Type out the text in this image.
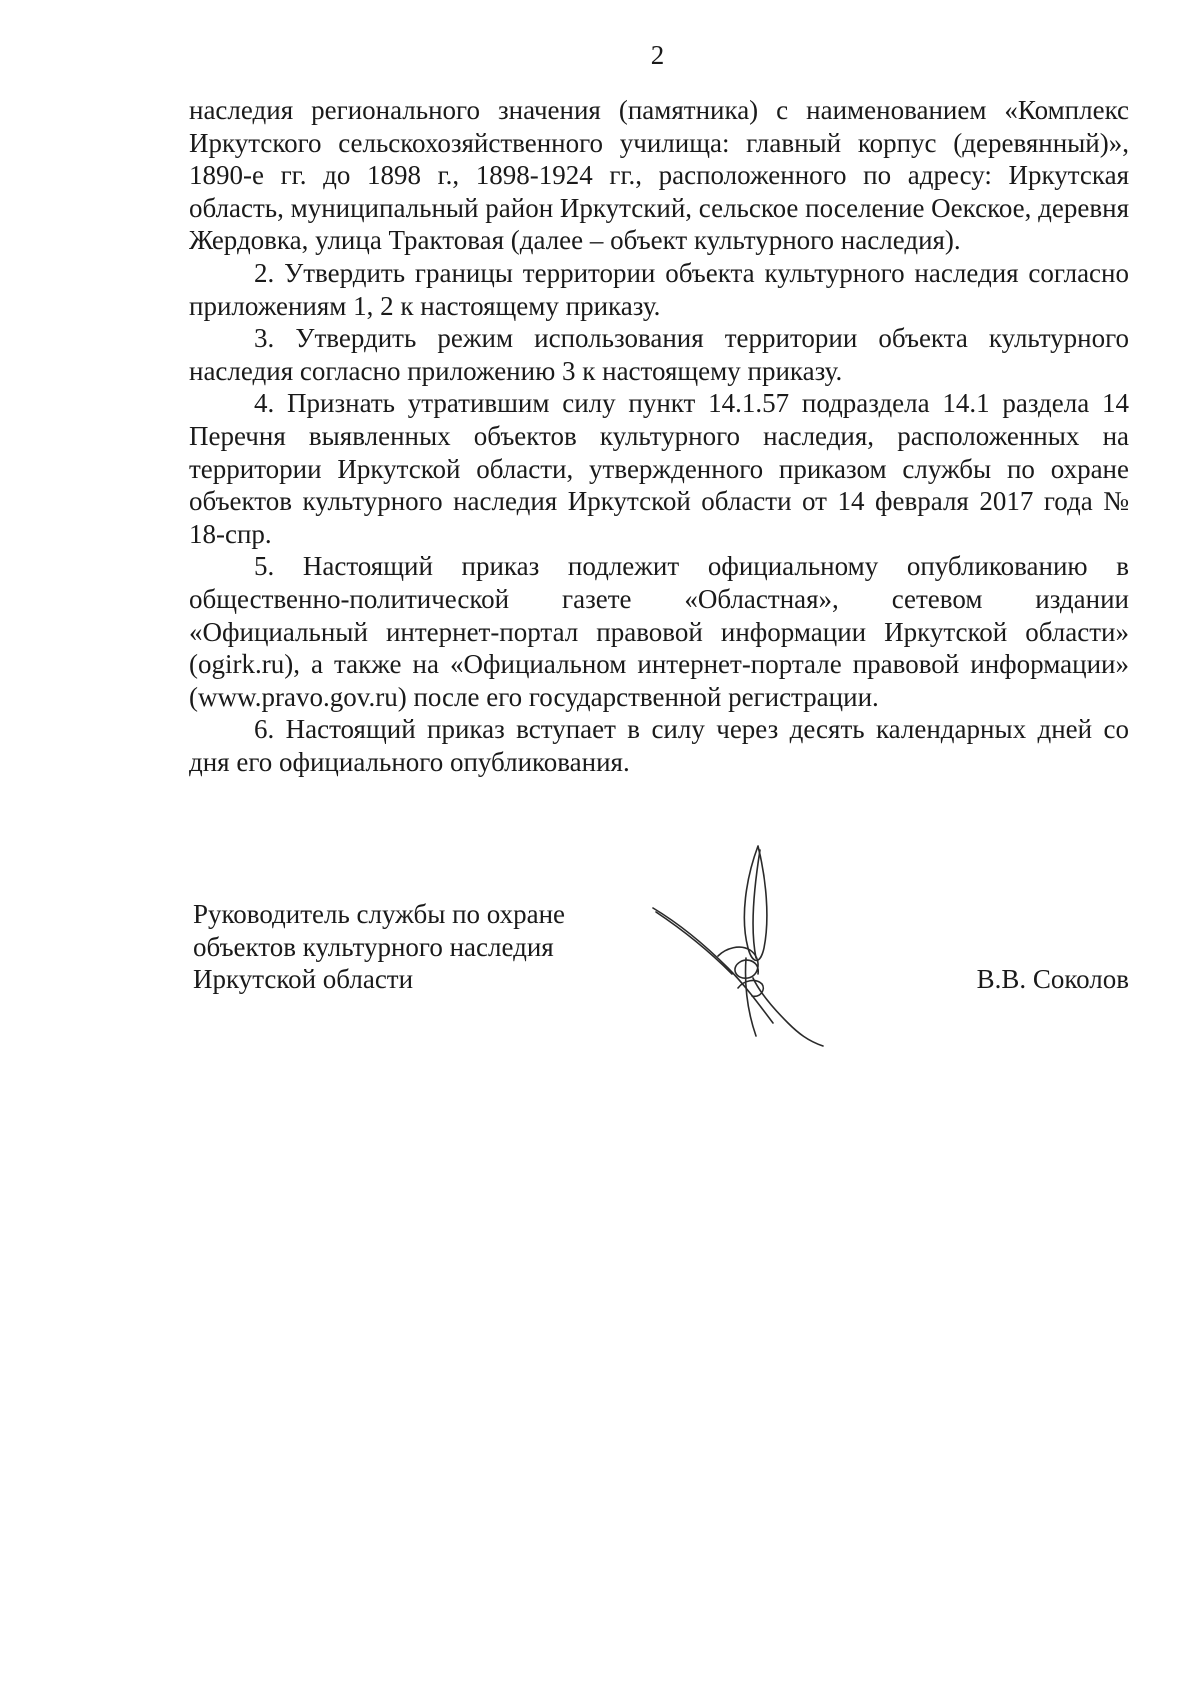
2

наследия регионального значения (памятника) с наименованием «Комплекс Иркутского сельскохозяйственного училища: главный корпус (деревянный)», 1890-е гг. до 1898 г., 1898-1924 гг., расположенного по адресу: Иркутская область, муниципальный район Иркутский, сельское поселение Оекское, деревня Жердовка, улица Трактовая (далее – объект культурного наследия).

2. Утвердить границы территории объекта культурного наследия согласно приложениям 1, 2 к настоящему приказу.

3. Утвердить режим использования территории объекта культурного наследия согласно приложению 3 к настоящему приказу.

4. Признать утратившим силу пункт 14.1.57 подраздела 14.1 раздела 14 Перечня выявленных объектов культурного наследия, расположенных на территории Иркутской области, утвержденного приказом службы по охране объектов культурного наследия Иркутской области от 14 февраля 2017 года № 18-спр.

5. Настоящий приказ подлежит официальному опубликованию в общественно-политической газете «Областная», сетевом издании «Официальный интернет-портал правовой информации Иркутской области» (ogirk.ru), а также на «Официальном интернет-портале правовой информации» (www.pravo.gov.ru) после его государственной регистрации.

6. Настоящий приказ вступает в силу через десять календарных дней со дня его официального опубликования.

Руководитель службы по охране
объектов культурного наследия
Иркутской области	В.В. Соколов
